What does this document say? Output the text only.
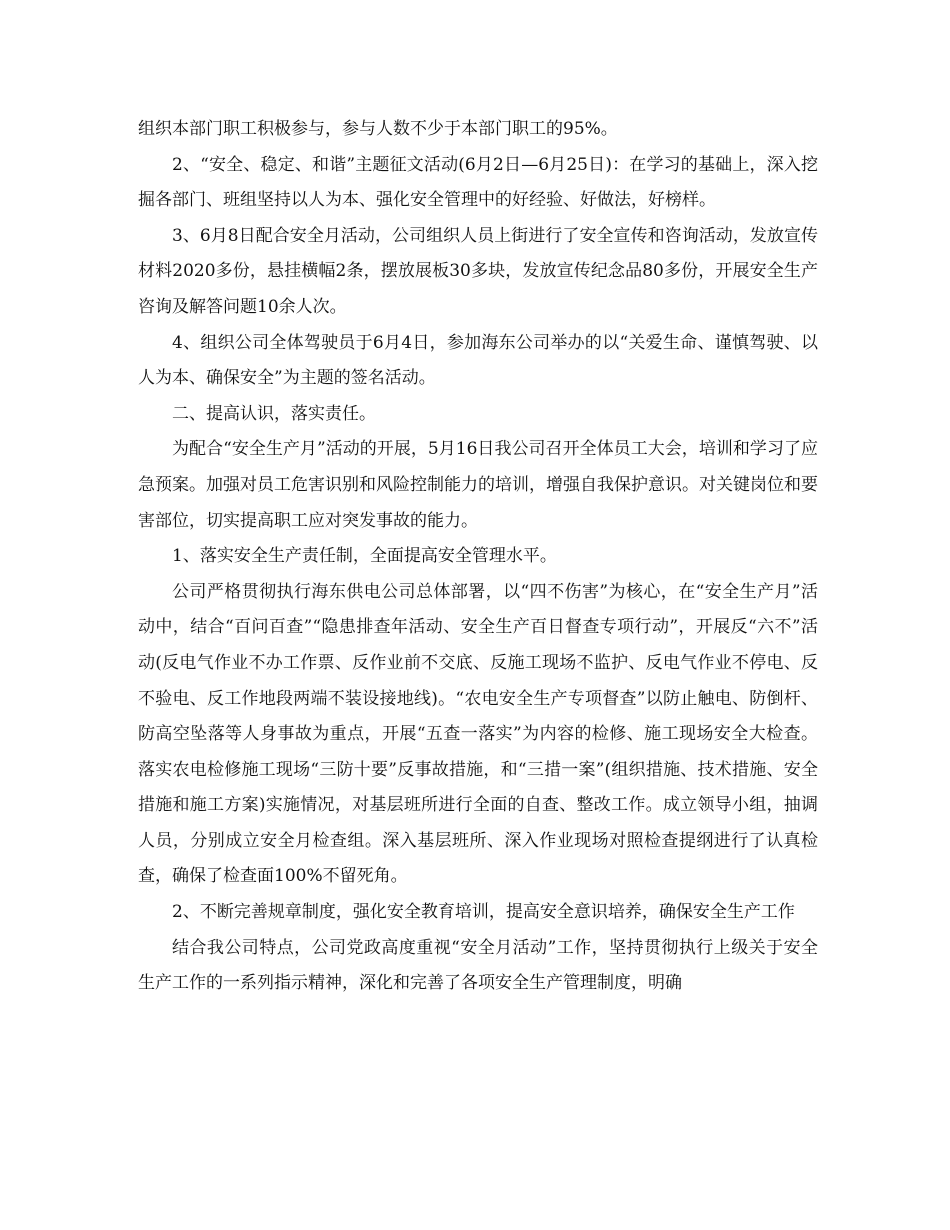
组织本部门职工积极参与，参与人数不少于本部门职工的95%。

2、“安全、稳定、和谐”主题征文活动(6月2日—6月25日)：在学习的基础上，深入挖掘各部门、班组坚持以人为本、强化安全管理中的好经验、好做法，好榜样。

3、6月8日配合安全月活动，公司组织人员上街进行了安全宣传和咨询活动，发放宣传材料2020多份，悬挂横幅2条，摆放展板30多块，发放宣传纪念品80多份，开展安全生产咨询及解答问题10余人次。

4、组织公司全体驾驶员于6月4日，参加海东公司举办的以“关爱生命、谨慎驾驶、以人为本、确保安全”为主题的签名活动。

二、提高认识，落实责任。

为配合“安全生产月”活动的开展，5月16日我公司召开全体员工大会，培训和学习了应急预案。加强对员工危害识别和风险控制能力的培训，增强自我保护意识。对关键岗位和要害部位，切实提高职工应对突发事故的能力。

1、落实安全生产责任制，全面提高安全管理水平。

公司严格贯彻执行海东供电公司总体部署，以“四不伤害”为核心，在“安全生产月”活动中，结合“百问百查”“隐患排查年活动、安全生产百日督查专项行动”，开展反“六不”活动(反电气作业不办工作票、反作业前不交底、反施工现场不监护、反电气作业不停电、反不验电、反工作地段两端不装设接地线)。“农电安全生产专项督查”以防止触电、防倒杆、防高空坠落等人身事故为重点，开展“五查一落实”为内容的检修、施工现场安全大检查。落实农电检修施工现场“三防十要”反事故措施，和“三措一案”(组织措施、技术措施、安全措施和施工方案)实施情况，对基层班所进行全面的自查、整改工作。成立领导小组，抽调人员，分别成立安全月检查组。深入基层班所、深入作业现场对照检查提纲进行了认真检查，确保了检查面100%不留死角。

2、不断完善规章制度，强化安全教育培训，提高安全意识培养，确保安全生产工作

结合我公司特点，公司党政高度重视“安全月活动”工作，坚持贯彻执行上级关于安全生产工作的一系列指示精神，深化和完善了各项安全生产管理制度，明确
